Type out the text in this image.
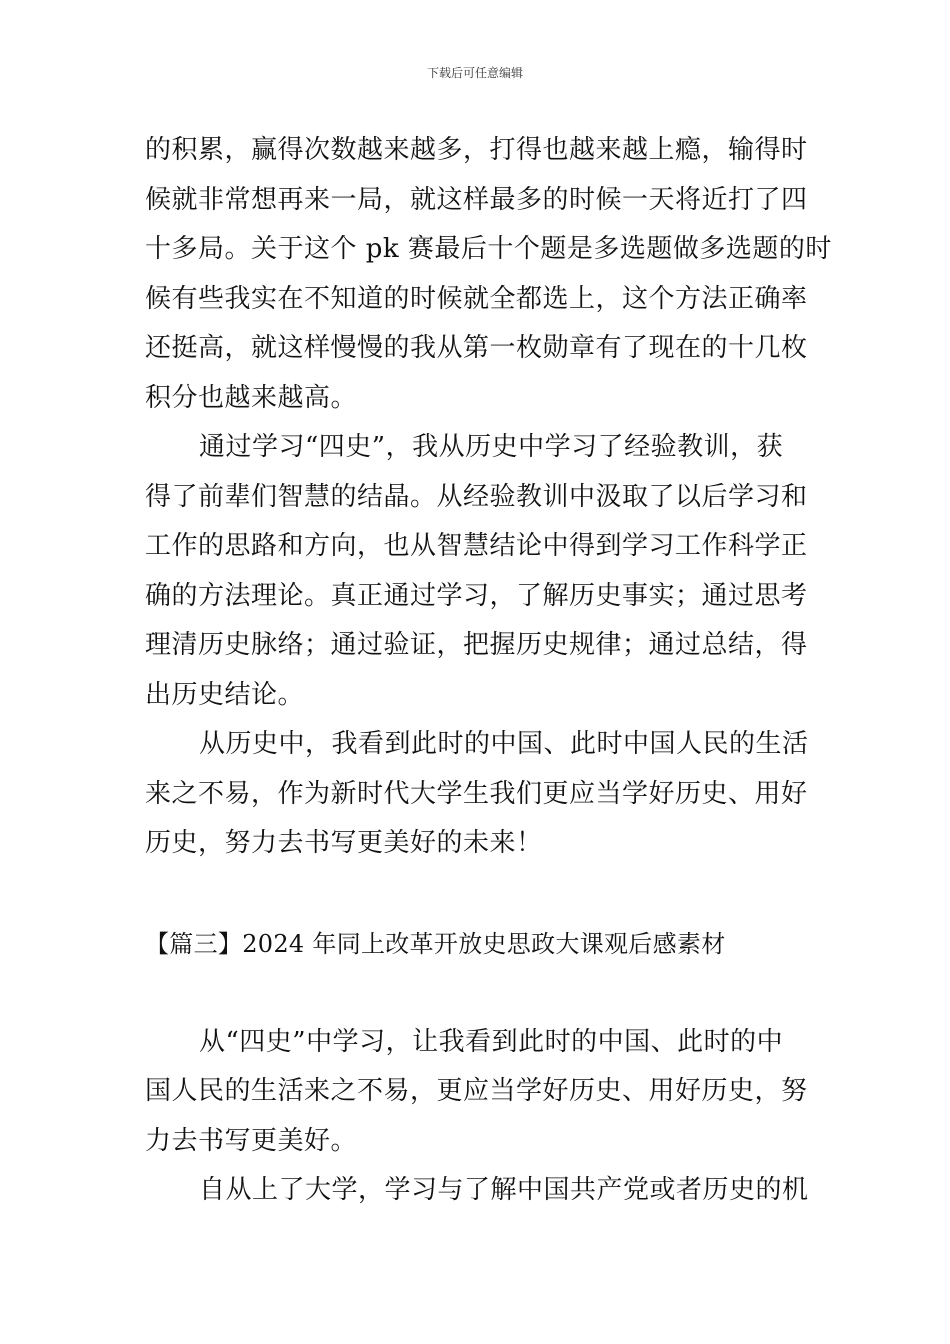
下载后可任意编辑
的积累，赢得次数越来越多，打得也越来越上瘾，输得时
候就非常想再来一局，就这样最多的时候一天将近打了四
十多局。关于这个 pk 赛最后十个题是多选题做多选题的时
候有些我实在不知道的时候就全都选上，这个方法正确率
还挺高，就这样慢慢的我从第一枚勋章有了现在的十几枚
积分也越来越高。
通过学习“四史”，我从历史中学习了经验教训，获
得了前辈们智慧的结晶。从经验教训中汲取了以后学习和
工作的思路和方向，也从智慧结论中得到学习工作科学正
确的方法理论。真正通过学习，了解历史事实；通过思考
理清历史脉络；通过验证，把握历史规律；通过总结，得
出历史结论。
从历史中，我看到此时的中国、此时中国人民的生活
来之不易，作为新时代大学生我们更应当学好历史、用好
历史，努力去书写更美好的未来！
【篇三】2024 年同上改革开放史思政大课观后感素材
从“四史”中学习，让我看到此时的中国、此时的中
国人民的生活来之不易，更应当学好历史、用好历史，努
力去书写更美好。
自从上了大学，学习与了解中国共产党或者历史的机
